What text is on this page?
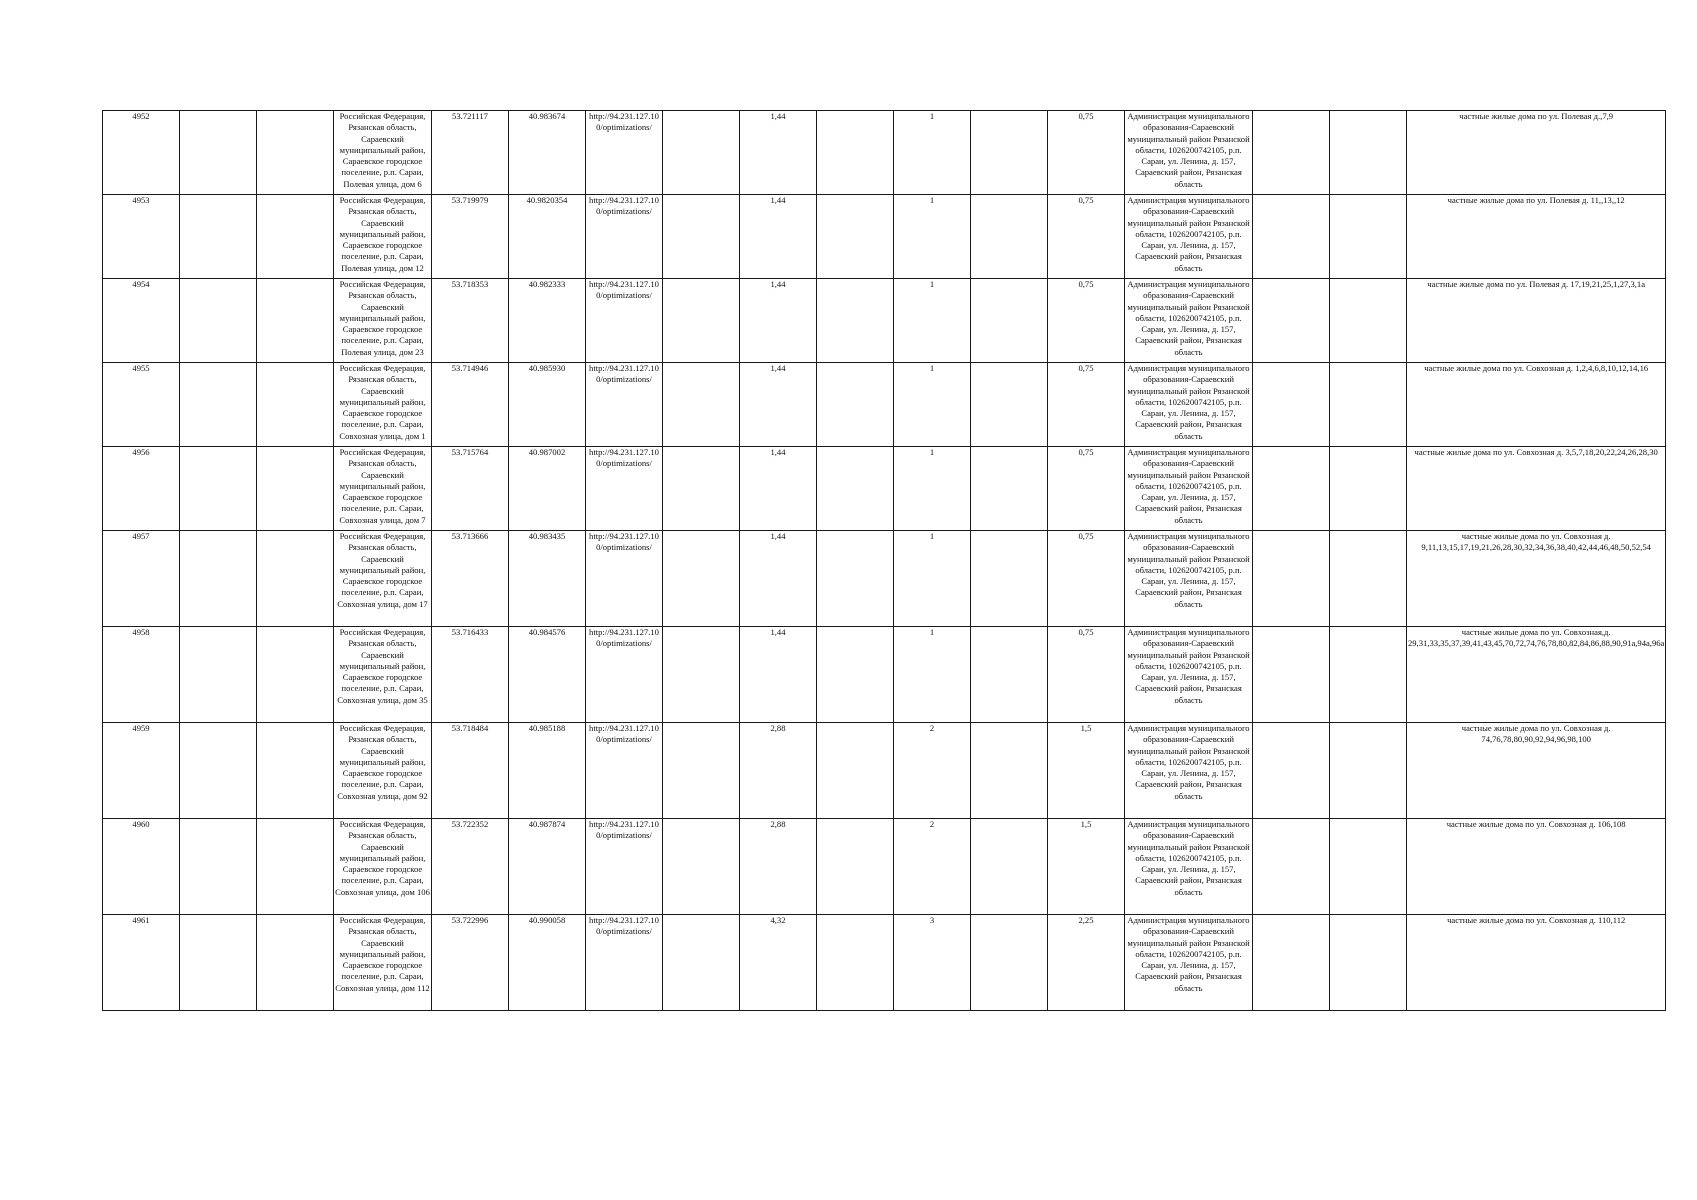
4952			Российская Федерация, Рязанская область, Сараевский муниципальный район, Сараевское городское поселение, р.п. Сараи, Полевая улица, дом 6	53.721117	40.983674	http://94.231.127.100/optimizations/		1,44		1		0,75	Администрация муниципального образования-Сараевский муниципальный район Рязанской области, 1026200742105, р.п. Сараи, ул. Ленина, д. 157, Сараевский район, Рязанская область			частные жилые дома по ул. Полевая д.,7,9
4953			Российская Федерация, Рязанская область, Сараевский муниципальный район, Сараевское городское поселение, р.п. Сараи, Полевая улица, дом 12	53.719979	40.9820354	http://94.231.127.100/optimizations/		1,44		1		0,75	Администрация муниципального образования-Сараевский муниципальный район Рязанской области, 1026200742105, р.п. Сараи, ул. Ленина, д. 157, Сараевский район, Рязанская область			частные жилые дома по ул. Полевая д. 11,,13,,12
4954			Российская Федерация, Рязанская область, Сараевский муниципальный район, Сараевское городское поселение, р.п. Сараи, Полевая улица, дом 23	53.718353	40.982333	http://94.231.127.100/optimizations/		1,44		1		0,75	Администрация муниципального образования-Сараевский муниципальный район Рязанской области, 1026200742105, р.п. Сараи, ул. Ленина, д. 157, Сараевский район, Рязанская область			частные жилые дома по ул. Полевая д. 17,19,21,25,1,27,3,1а
4955			Российская Федерация, Рязанская область, Сараевский муниципальный район, Сараевское городское поселение, р.п. Сараи, Совхозная улица, дом 1	53.714946	40.985930	http://94.231.127.100/optimizations/		1,44		1		0,75	Администрация муниципального образования-Сараевский муниципальный район Рязанской области, 1026200742105, р.п. Сараи, ул. Ленина, д. 157, Сараевский район, Рязанская область			частные жилые дома по ул. Совхозная д. 1,2,4,6,8,10,12,14,16
4956			Российская Федерация, Рязанская область, Сараевский муниципальный район, Сараевское городское поселение, р.п. Сараи, Совхозная улица, дом 7	53.715764	40.987002	http://94.231.127.100/optimizations/		1,44		1		0,75	Администрация муниципального образования-Сараевский муниципальный район Рязанской области, 1026200742105, р.п. Сараи, ул. Ленина, д. 157, Сараевский район, Рязанская область			частные жилые дома по ул. Совхозная д. 3,5,7,18,20,22,24,26,28,30
4957			Российская Федерация, Рязанская область, Сараевский муниципальный район, Сараевское городское поселение, р.п. Сараи, Совхозная улица, дом 17	53.713666	40.983435	http://94.231.127.100/optimizations/		1,44		1		0,75	Администрация муниципального образования-Сараевский муниципальный район Рязанской области, 1026200742105, р.п. Сараи, ул. Ленина, д. 157, Сараевский район, Рязанская область			частные жилые дома по ул. Совхозная д. 9,11,13,15,17,19,21,26,28,30,32,34,36,38,40,42,44,46,48,50,52,54
4958			Российская Федерация, Рязанская область, Сараевский муниципальный район, Сараевское городское поселение, р.п. Сараи, Совхозная улица, дом 35	53.716433	40.984576	http://94.231.127.100/optimizations/		1,44		1		0,75	Администрация муниципального образования-Сараевский муниципальный район Рязанской области, 1026200742105, р.п. Сараи, ул. Ленина, д. 157, Сараевский район, Рязанская область			частные жилые дома по ул. Совхозная,д. 29,31,33,35,37,39,41,43,45,70,72,74,76,78,80,82,84,86,88,90,91а,94а,96а
4959			Российская Федерация, Рязанская область, Сараевский муниципальный район, Сараевское городское поселение, р.п. Сараи, Совхозная улица, дом 92	53.718484	40.985188	http://94.231.127.100/optimizations/		2,88		2		1,5	Администрация муниципального образования-Сараевский муниципальный район Рязанской области, 1026200742105, р.п. Сараи, ул. Ленина, д. 157, Сараевский район, Рязанская область			частные жилые дома по ул. Совхозная д. 74,76,78,80,90,92,94,96,98,100
4960			Российская Федерация, Рязанская область, Сараевский муниципальный район, Сараевское городское поселение, р.п. Сараи, Совхозная улица, дом 106	53.722352	40.987874	http://94.231.127.100/optimizations/		2,88		2		1,5	Администрация муниципального образования-Сараевский муниципальный район Рязанской области, 1026200742105, р.п. Сараи, ул. Ленина, д. 157, Сараевский район, Рязанская область			частные жилые дома по ул. Совхозная д. 106,108
4961			Российская Федерация, Рязанская область, Сараевский муниципальный район, Сараевское городское поселение, р.п. Сараи, Совхозная улица, дом 112	53.722996	40.990058	http://94.231.127.100/optimizations/		4,32		3		2,25	Администрация муниципального образования-Сараевский муниципальный район Рязанской области, 1026200742105, р.п. Сараи, ул. Ленина, д. 157, Сараевский район, Рязанская область			частные жилые дома по ул. Совхозная д. 110,112
